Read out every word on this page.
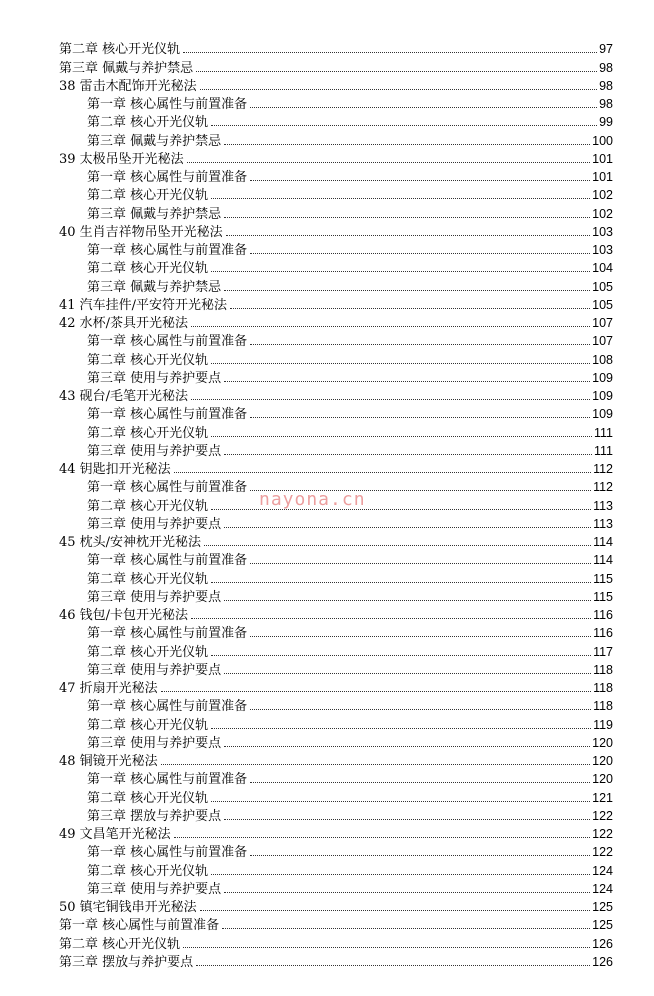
第二章 核心开光仪轨	97
第三章 佩戴与养护禁忌	98
38 雷击木配饰开光秘法	98
第一章 核心属性与前置准备	98
第二章 核心开光仪轨	99
第三章 佩戴与养护禁忌	100
39 太极吊坠开光秘法	101
第一章 核心属性与前置准备	101
第二章 核心开光仪轨	102
第三章 佩戴与养护禁忌	102
40 生肖吉祥物吊坠开光秘法	103
第一章 核心属性与前置准备	103
第二章 核心开光仪轨	104
第三章 佩戴与养护禁忌	105
41 汽车挂件/平安符开光秘法	105
42 水杯/茶具开光秘法	107
第一章 核心属性与前置准备	107
第二章 核心开光仪轨	108
第三章 使用与养护要点	109
43 砚台/毛笔开光秘法	109
第一章 核心属性与前置准备	109
第二章 核心开光仪轨	111
第三章 使用与养护要点	111
44 钥匙扣开光秘法	112
第一章 核心属性与前置准备	112
第二章 核心开光仪轨	113
第三章 使用与养护要点	113
45 枕头/安神枕开光秘法	114
第一章 核心属性与前置准备	114
第二章 核心开光仪轨	115
第三章 使用与养护要点	115
46 钱包/卡包开光秘法	116
第一章 核心属性与前置准备	116
第二章 核心开光仪轨	117
第三章 使用与养护要点	118
47 折扇开光秘法	118
第一章 核心属性与前置准备	118
第二章 核心开光仪轨	119
第三章 使用与养护要点	120
48 铜镜开光秘法	120
第一章 核心属性与前置准备	120
第二章 核心开光仪轨	121
第三章 摆放与养护要点	122
49 文昌笔开光秘法	122
第一章 核心属性与前置准备	122
第二章 核心开光仪轨	124
第三章 使用与养护要点	124
50 镇宅铜钱串开光秘法	125
第一章 核心属性与前置准备	125
第二章 核心开光仪轨	126
第三章 摆放与养护要点	126
nayona.cn
